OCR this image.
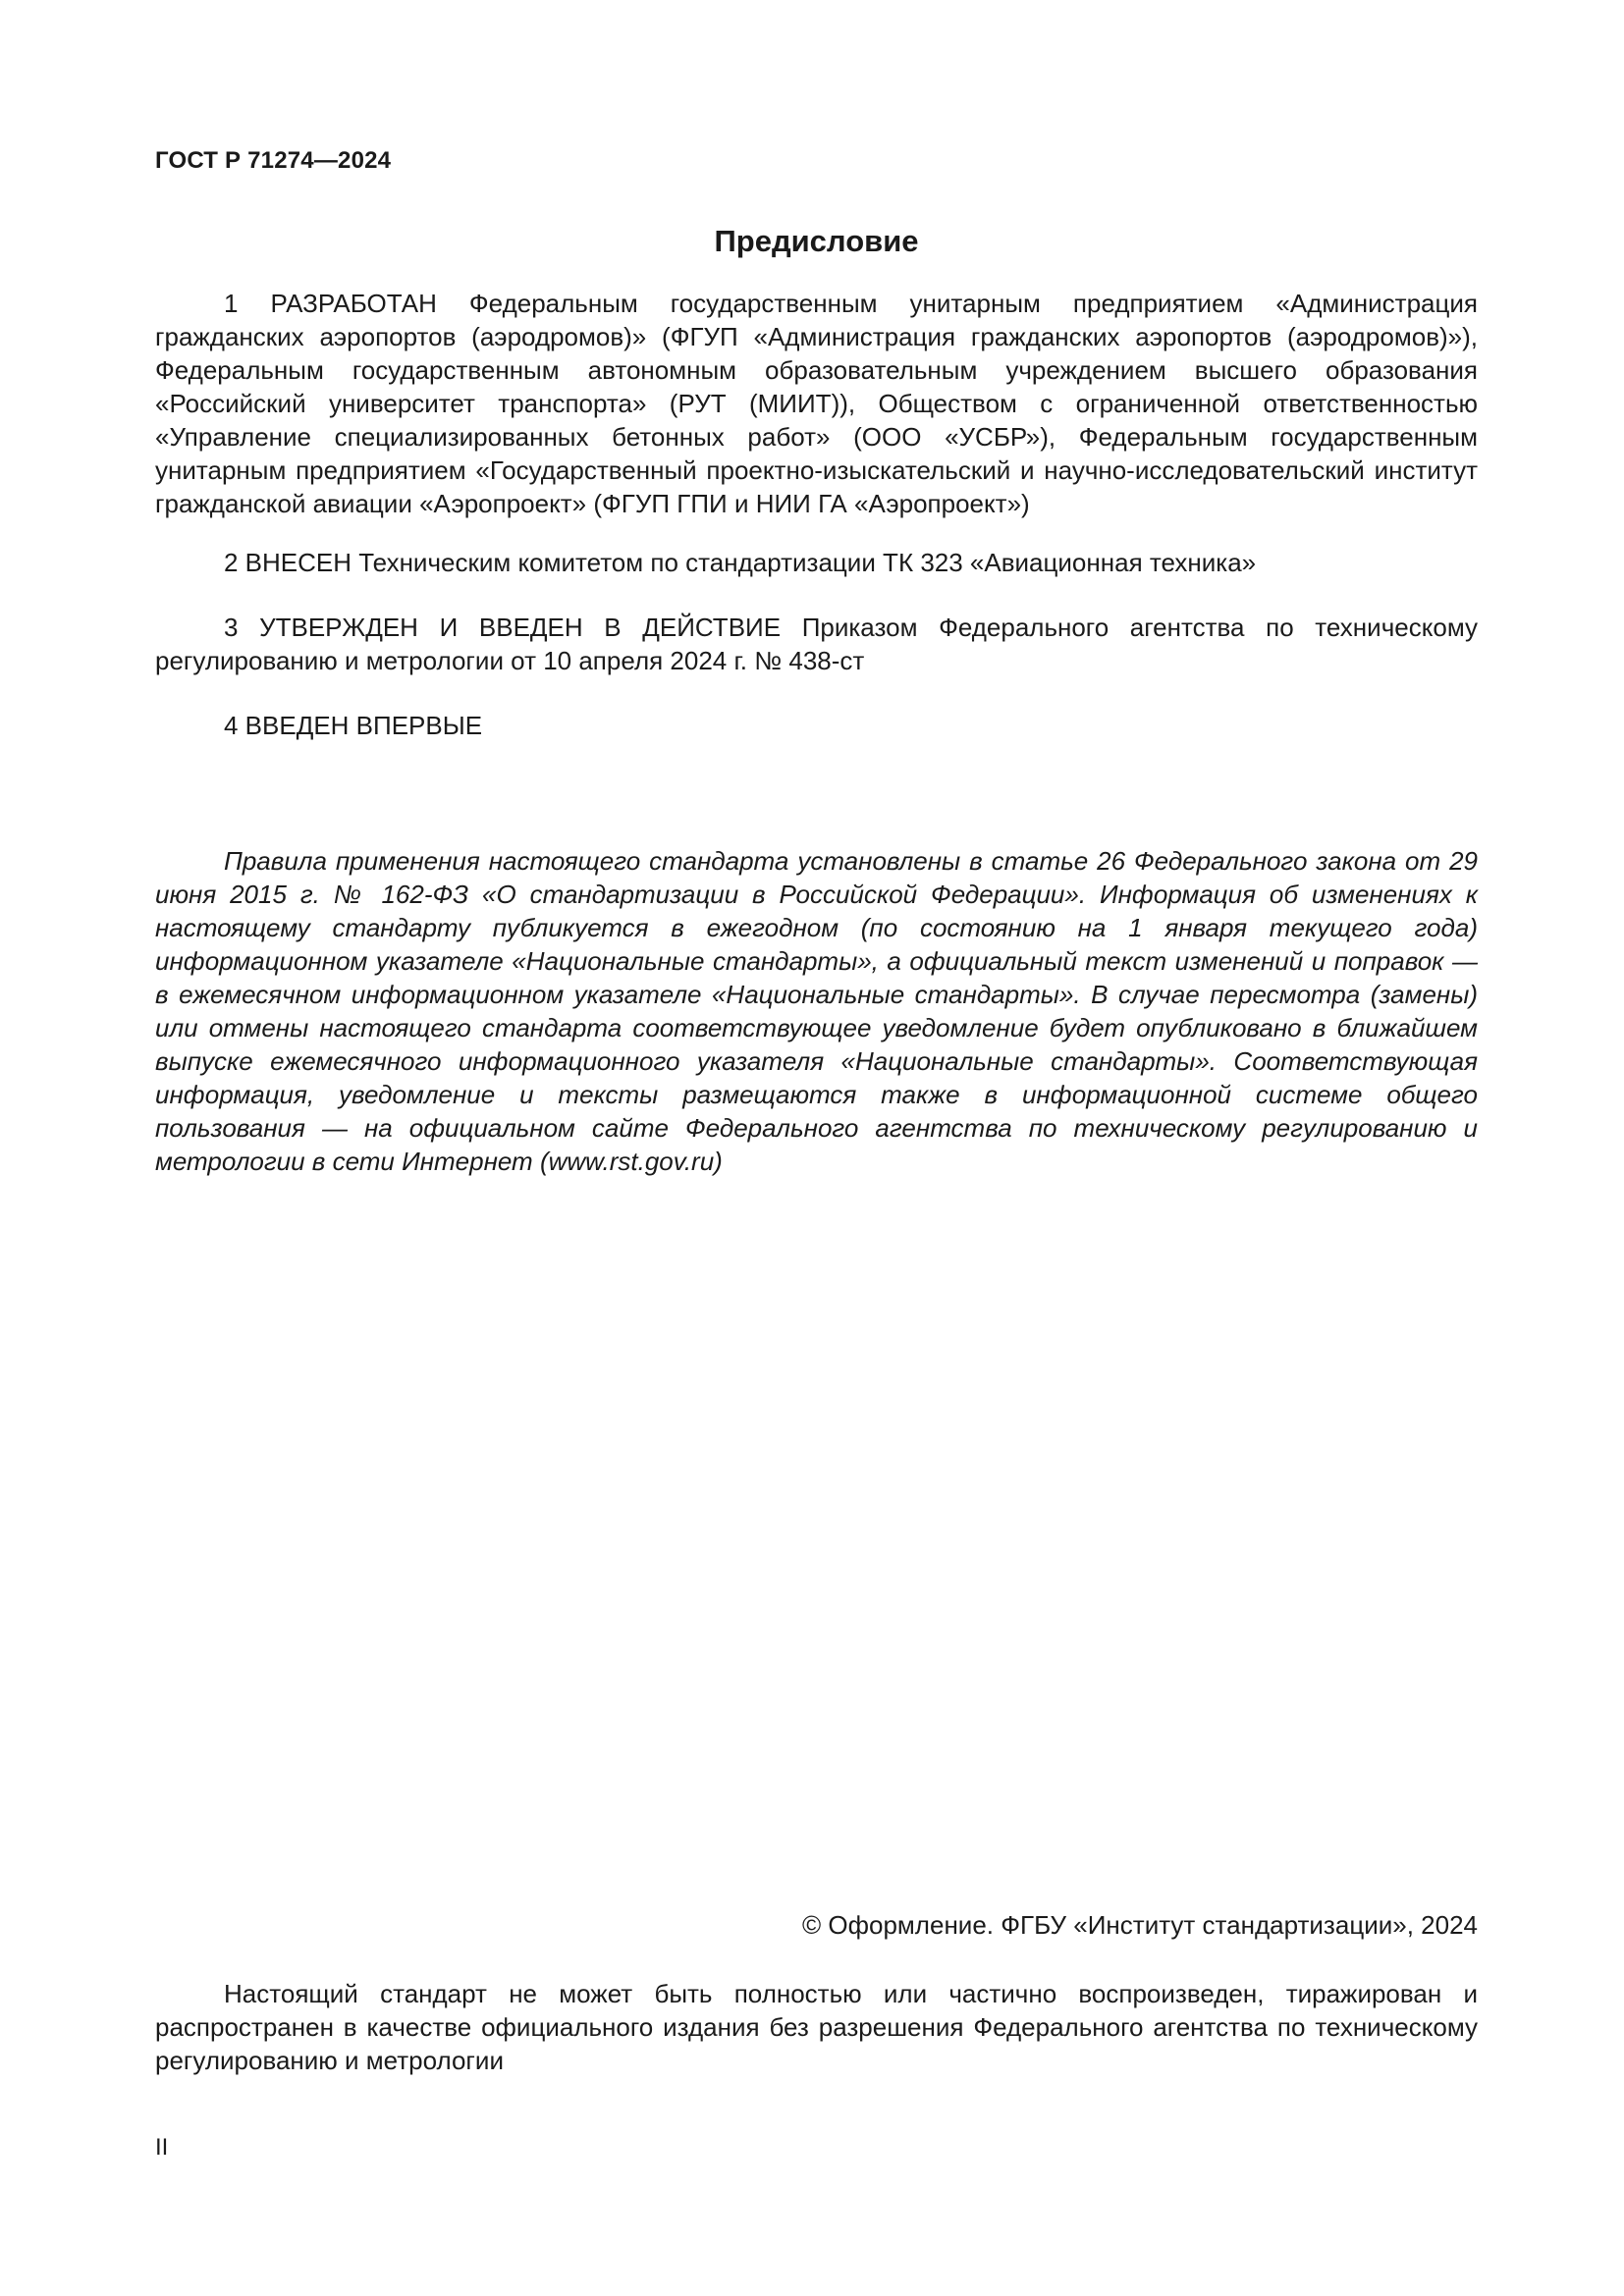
ГОСТ Р 71274—2024
Предисловие

1 РАЗРАБОТАН Федеральным государственным унитарным предприятием «Администрация гражданских аэропортов (аэродромов)» (ФГУП «Администрация гражданских аэропортов (аэродромов)»), Федеральным государственным автономным образовательным учреждением высшего образования «Российский университет транспорта» (РУТ (МИИТ)), Обществом с ограниченной ответственностью «Управление специализированных бетонных работ» (ООО «УСБР»), Федеральным государственным унитарным предприятием «Государственный проектно-изыскательский и научно-исследовательский институт гражданской авиации «Аэропроект» (ФГУП ГПИ и НИИ ГА «Аэропроект»)

2 ВНЕСЕН Техническим комитетом по стандартизации ТК 323 «Авиационная техника»

3 УТВЕРЖДЕН И ВВЕДЕН В ДЕЙСТВИЕ Приказом Федерального агентства по техническому регулированию и метрологии от 10 апреля 2024 г. № 438-ст

4 ВВЕДЕН ВПЕРВЫЕ

Правила применения настоящего стандарта установлены в статье 26 Федерального закона от 29 июня 2015 г. № 162-ФЗ «О стандартизации в Российской Федерации». Информация об изменениях к настоящему стандарту публикуется в ежегодном (по состоянию на 1 января текущего года) информационном указателе «Национальные стандарты», а официальный текст изменений и поправок — в ежемесячном информационном указателе «Национальные стандарты». В случае пересмотра (замены) или отмены настоящего стандарта соответствующее уведомление будет опубликовано в ближайшем выпуске ежемесячного информационного указателя «Национальные стандарты». Соответствующая информация, уведомление и тексты размещаются также в информационной системе общего пользования — на официальном сайте Федерального агентства по техническому регулированию и метрологии в сети Интернет (www.rst.gov.ru)

© Оформление. ФГБУ «Институт стандартизации», 2024

Настоящий стандарт не может быть полностью или частично воспроизведен, тиражирован и распространен в качестве официального издания без разрешения Федерального агентства по техническому регулированию и метрологии

II
